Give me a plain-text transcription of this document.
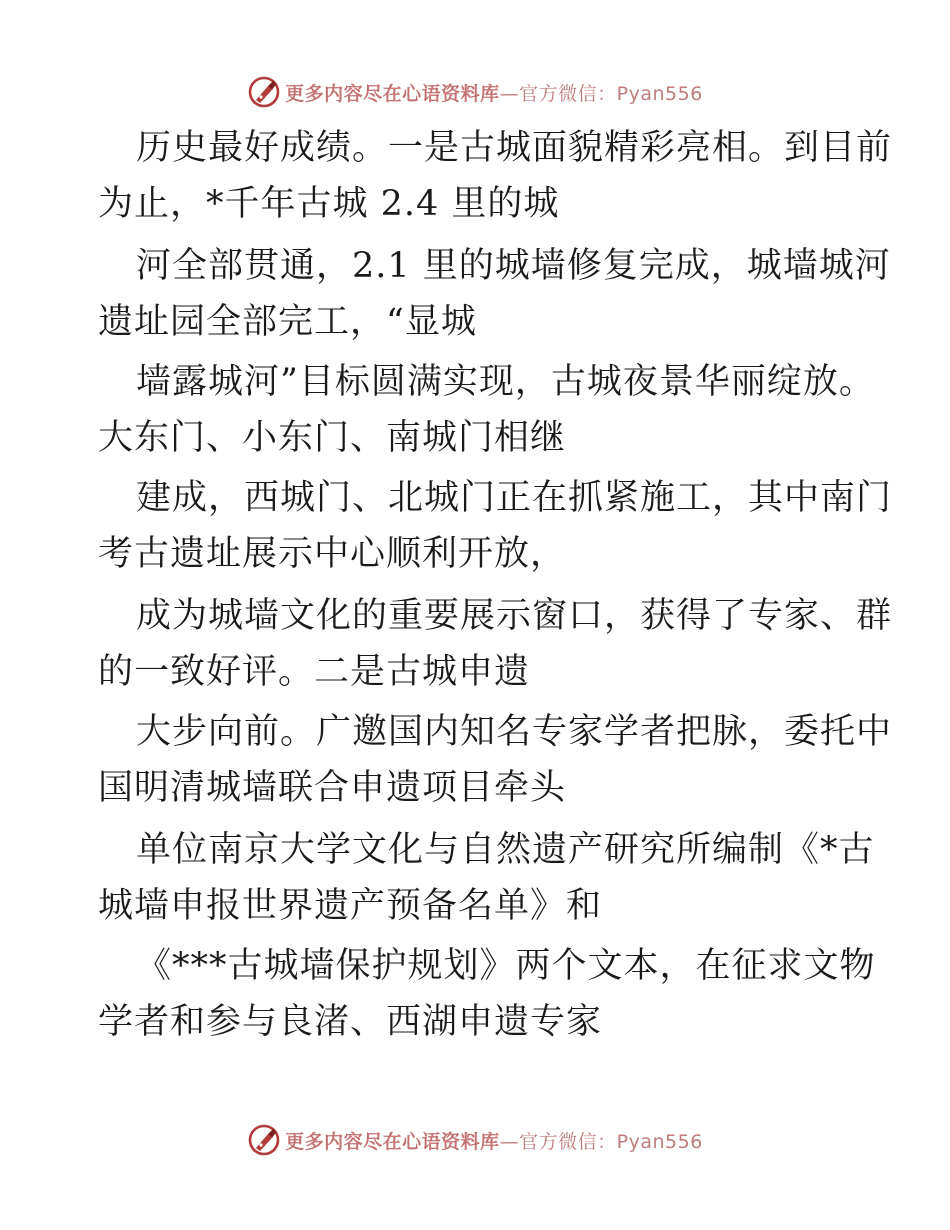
更多内容尽在心语资料库—官方微信：Pyan556
历史最好成绩。一是古城面貌精彩亮相。到目前
为止，*千年古城 2.4 里的城
河全部贯通，2.1 里的城墙修复完成，城墙城河
遗址园全部完工，“显城
墙露城河”目标圆满实现，古城夜景华丽绽放。
大东门、小东门、南城门相继
建成，西城门、北城门正在抓紧施工，其中南门
考古遗址展示中心顺利开放，
成为城墙文化的重要展示窗口，获得了专家、群
的一致好评。二是古城申遗
大步向前。广邀国内知名专家学者把脉，委托中
国明清城墙联合申遗项目牵头
单位南京大学文化与自然遗产研究所编制《*古
城墙申报世界遗产预备名单》和
《***古城墙保护规划》两个文本，在征求文物
学者和参与良渚、西湖申遗专家
更多内容尽在心语资料库—官方微信：Pyan556
